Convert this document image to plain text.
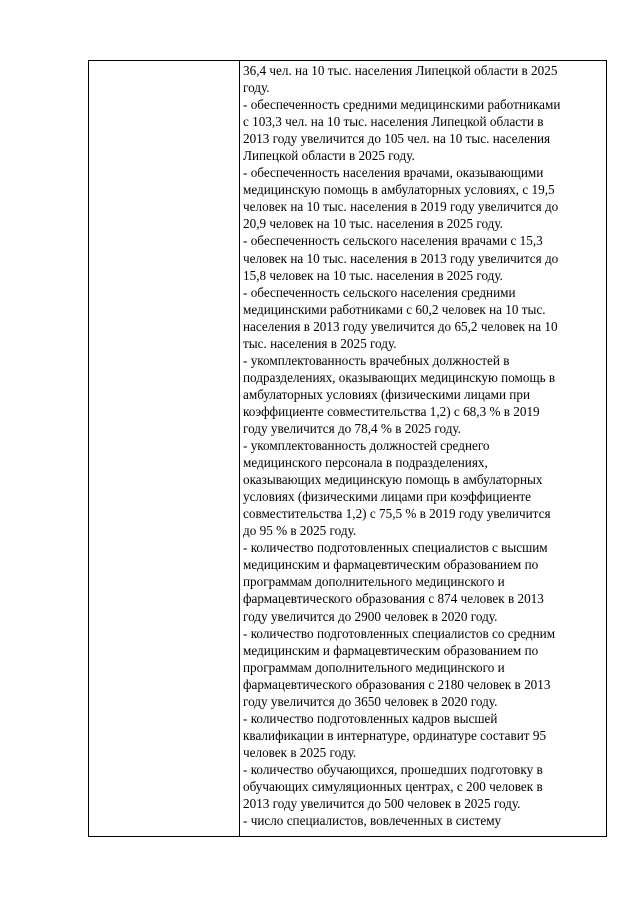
36,4 чел. на 10 тыс. населения Липецкой области в 2025
году.
- обеспеченность средними медицинскими работниками
с 103,3 чел. на 10 тыс. населения Липецкой области в
2013 году увеличится до 105 чел. на 10 тыс. населения
Липецкой области в 2025 году.
- обеспеченность населения врачами, оказывающими
медицинскую помощь в амбулаторных условиях, с 19,5
человек на 10 тыс. населения в 2019 году увеличится до
20,9 человек на 10 тыс. населения в 2025 году.
- обеспеченность сельского населения врачами с 15,3
человек на 10 тыс. населения в 2013 году увеличится до
15,8 человек на 10 тыс. населения в 2025 году.
- обеспеченность сельского населения средними
медицинскими работниками с 60,2 человек на 10 тыс.
населения в 2013 году увеличится до 65,2 человек на 10
тыс. населения в 2025 году.
- укомплектованность врачебных должностей в
подразделениях, оказывающих медицинскую помощь в
амбулаторных условиях (физическими лицами при
коэффициенте совместительства 1,2) с 68,3 % в 2019
году увеличится до 78,4 % в 2025 году.
- укомплектованность должностей среднего
медицинского персонала в подразделениях,
оказывающих медицинскую помощь в амбулаторных
условиях (физическими лицами при коэффициенте
совместительства 1,2) с 75,5 % в 2019 году увеличится
до 95 % в 2025 году.
- количество подготовленных специалистов с высшим
медицинским и фармацевтическим образованием по
программам дополнительного медицинского и
фармацевтического образования с 874 человек в 2013
году увеличится до 2900 человек в 2020 году.
- количество подготовленных специалистов со средним
медицинским и фармацевтическим образованием по
программам дополнительного медицинского и
фармацевтического образования с 2180 человек в 2013
году увеличится до 3650 человек в 2020 году.
- количество подготовленных кадров высшей
квалификации в интернатуре, ординатуре составит 95
человек в 2025 году.
- количество обучающихся, прошедших подготовку в
обучающих симуляционных центрах, с 200 человек в
2013 году увеличится до 500 человек в 2025 году.
- число специалистов, вовлеченных в систему
